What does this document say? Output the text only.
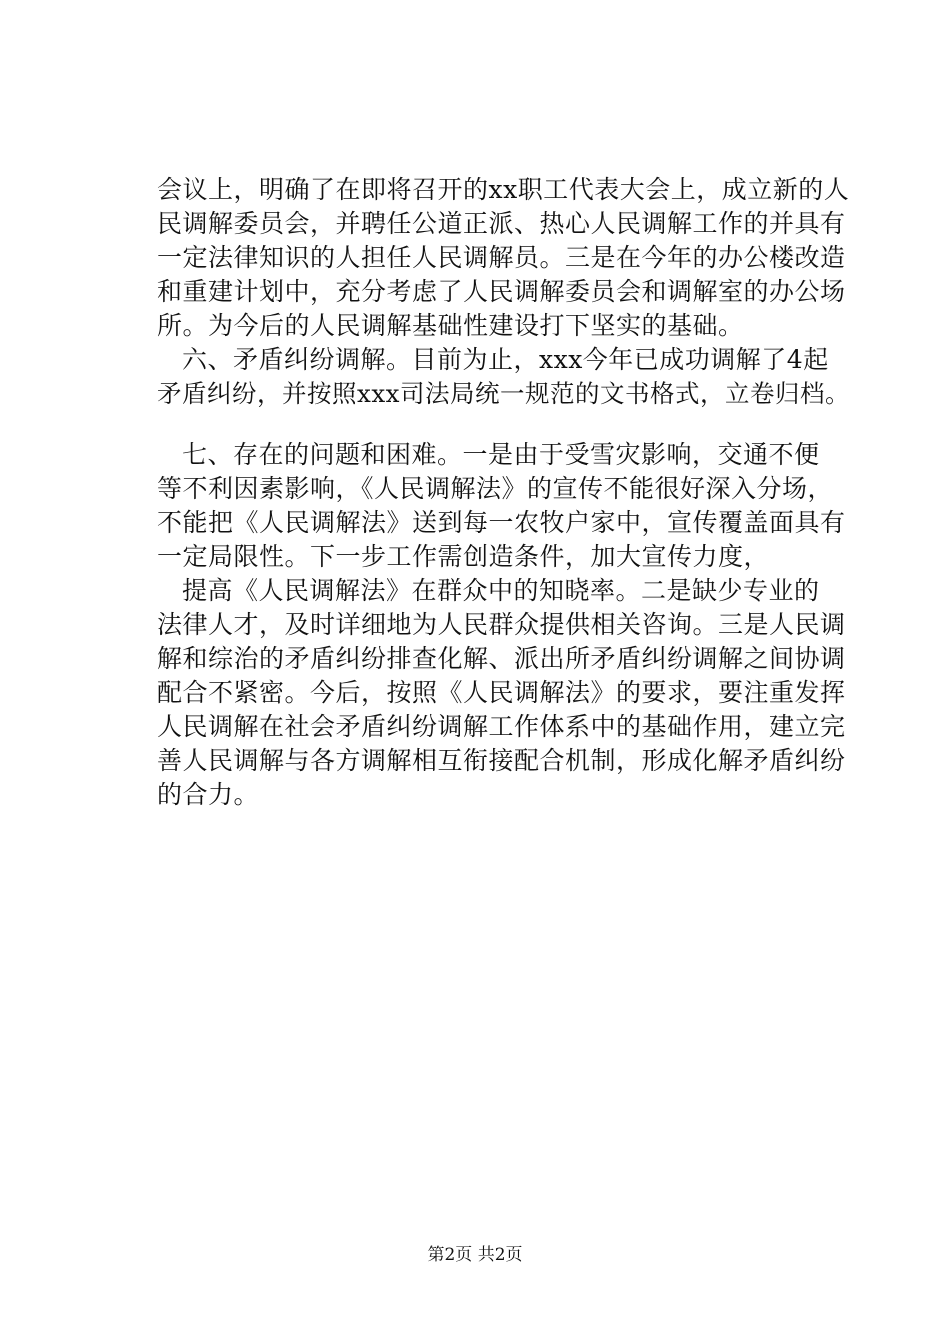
会议上，明确了在即将召开的xx职工代表大会上，成立新的人
民调解委员会，并聘任公道正派、热心人民调解工作的并具有
一定法律知识的人担任人民调解员。三是在今年的办公楼改造
和重建计划中，充分考虑了人民调解委员会和调解室的办公场
所。为今后的人民调解基础性建设打下坚实的基础。
六、矛盾纠纷调解。目前为止，xxx今年已成功调解了4起
矛盾纠纷，并按照xxx司法局统一规范的文书格式，立卷归档。
七、存在的问题和困难。一是由于受雪灾影响，交通不便
等不利因素影响，《人民调解法》的宣传不能很好深入分场，
不能把《人民调解法》送到每一农牧户家中，宣传覆盖面具有
一定局限性。下一步工作需创造条件，加大宣传力度，
提高《人民调解法》在群众中的知晓率。二是缺少专业的
法律人才，及时详细地为人民群众提供相关咨询。三是人民调
解和综治的矛盾纠纷排查化解、派出所矛盾纠纷调解之间协调
配合不紧密。今后，按照《人民调解法》的要求，要注重发挥
人民调解在社会矛盾纠纷调解工作体系中的基础作用，建立完
善人民调解与各方调解相互衔接配合机制，形成化解矛盾纠纷
的合力。
第2页 共2页
